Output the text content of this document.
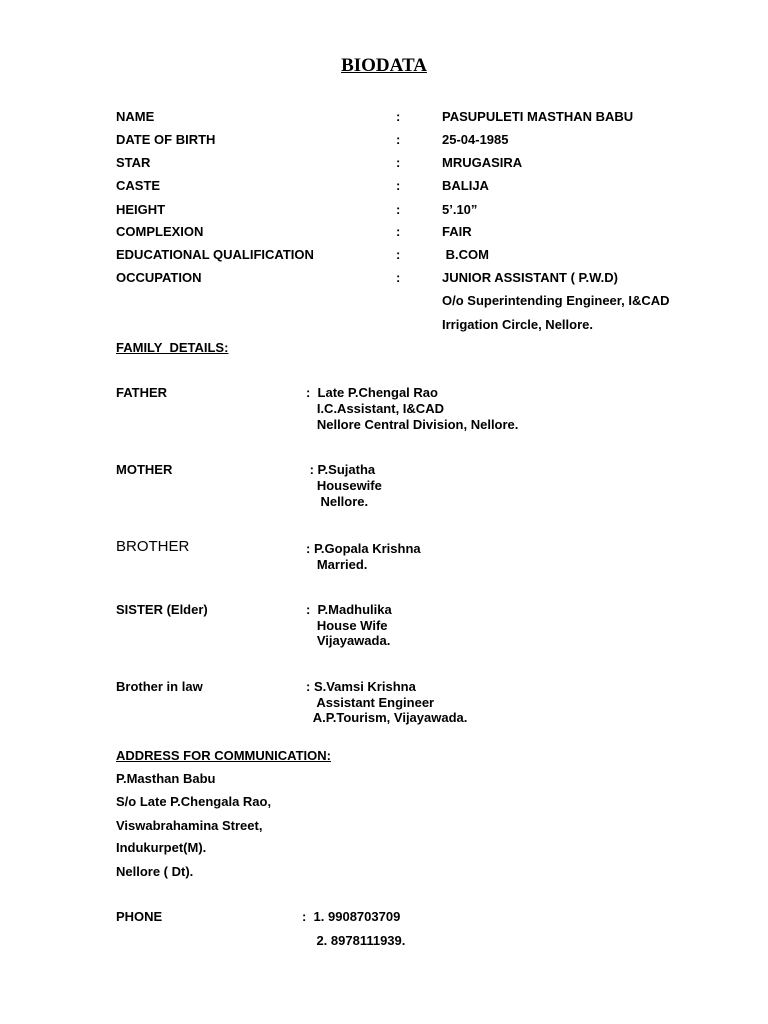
BIODATA
NAME	:	PASUPULETI MASTHAN BABU
DATE OF BIRTH	:	25-04-1985
STAR	:	MRUGASIRA
CASTE	:	BALIJA
HEIGHT	:	5’.10”
COMPLEXION	:	FAIR
EDUCATIONAL QUALIFICATION	:	B.COM
OCCUPATION	:	JUNIOR ASSISTANT ( P.W.D)
O/o Superintending Engineer, I&CAD
Irrigation Circle, Nellore.
FAMILY  DETAILS:
FATHER	:  Late P.Chengal Rao
I.C.Assistant, I&CAD
Nellore Central Division, Nellore.
MOTHER	: P.Sujatha
Housewife
Nellore.
BROTHER	: P.Gopala Krishna
Married.
SISTER (Elder)	:  P.Madhulika
House Wife
Vijayawada.
Brother in law	: S.Vamsi Krishna
Assistant Engineer
A.P.Tourism, Vijayawada.
ADDRESS FOR COMMUNICATION:
P.Masthan Babu
S/o Late P.Chengala Rao,
Viswabrahamina Street,
Indukurpet(M).
Nellore ( Dt).
PHONE	:  1. 9908703709
2. 8978111939.
